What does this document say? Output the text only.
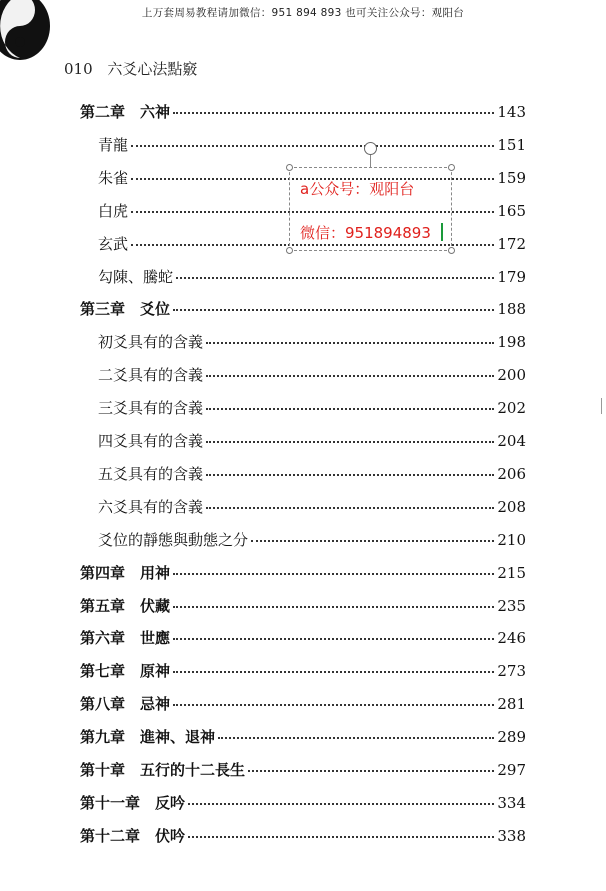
上万套周易教程请加微信：951 894 893 也可关注公众号：观阳台
010 六爻心法點竅
第二章　六神	143
青龍	151
朱雀	159
白虎	165
玄武	172
勾陳、騰蛇	179
第三章　爻位	188
初爻具有的含義	198
二爻具有的含義	200
三爻具有的含義	202
四爻具有的含義	204
五爻具有的含義	206
六爻具有的含義	208
爻位的靜態與動態之分	210
第四章　用神	215
第五章　伏藏	235
第六章　世應	246
第七章　原神	273
第八章　忌神	281
第九章　進神、退神	289
第十章　五行的十二長生	297
第十一章　反吟	334
第十二章　伏吟	338
a公众号：观阳台
微信：951894893
